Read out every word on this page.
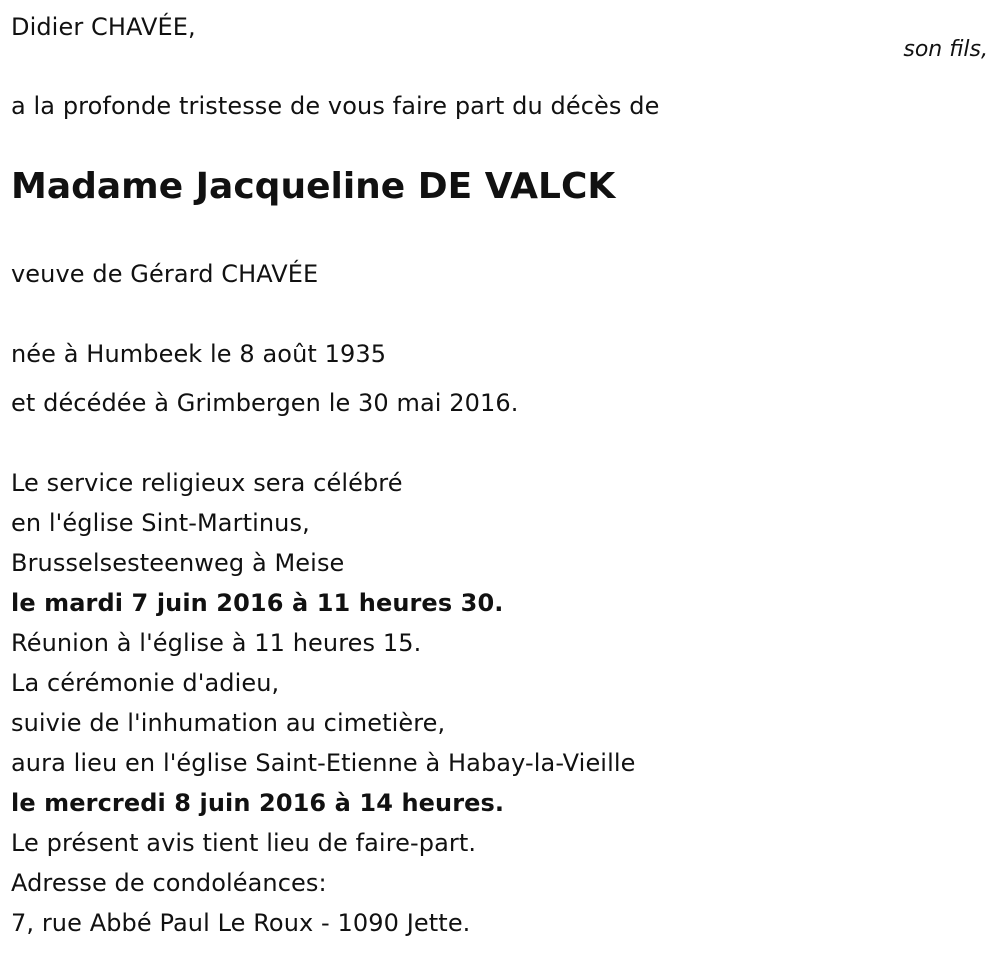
Didier CHAVÉE,
son fils,
a la profonde tristesse de vous faire part du décès de
Madame Jacqueline DE VALCK
veuve de Gérard CHAVÉE
née à Humbeek le 8 août 1935
et décédée à Grimbergen le 30 mai 2016.
Le service religieux sera célébré
en l'église Sint-Martinus,
Brusselsesteenweg à Meise
le mardi 7 juin 2016 à 11 heures 30.
Réunion à l'église à 11 heures 15.
La cérémonie d'adieu,
suivie de l'inhumation au cimetière,
aura lieu en l'église Saint-Etienne à Habay-la-Vieille
le mercredi 8 juin 2016 à 14 heures.
Le présent avis tient lieu de faire-part.
Adresse de condoléances:
7, rue Abbé Paul Le Roux - 1090 Jette.
